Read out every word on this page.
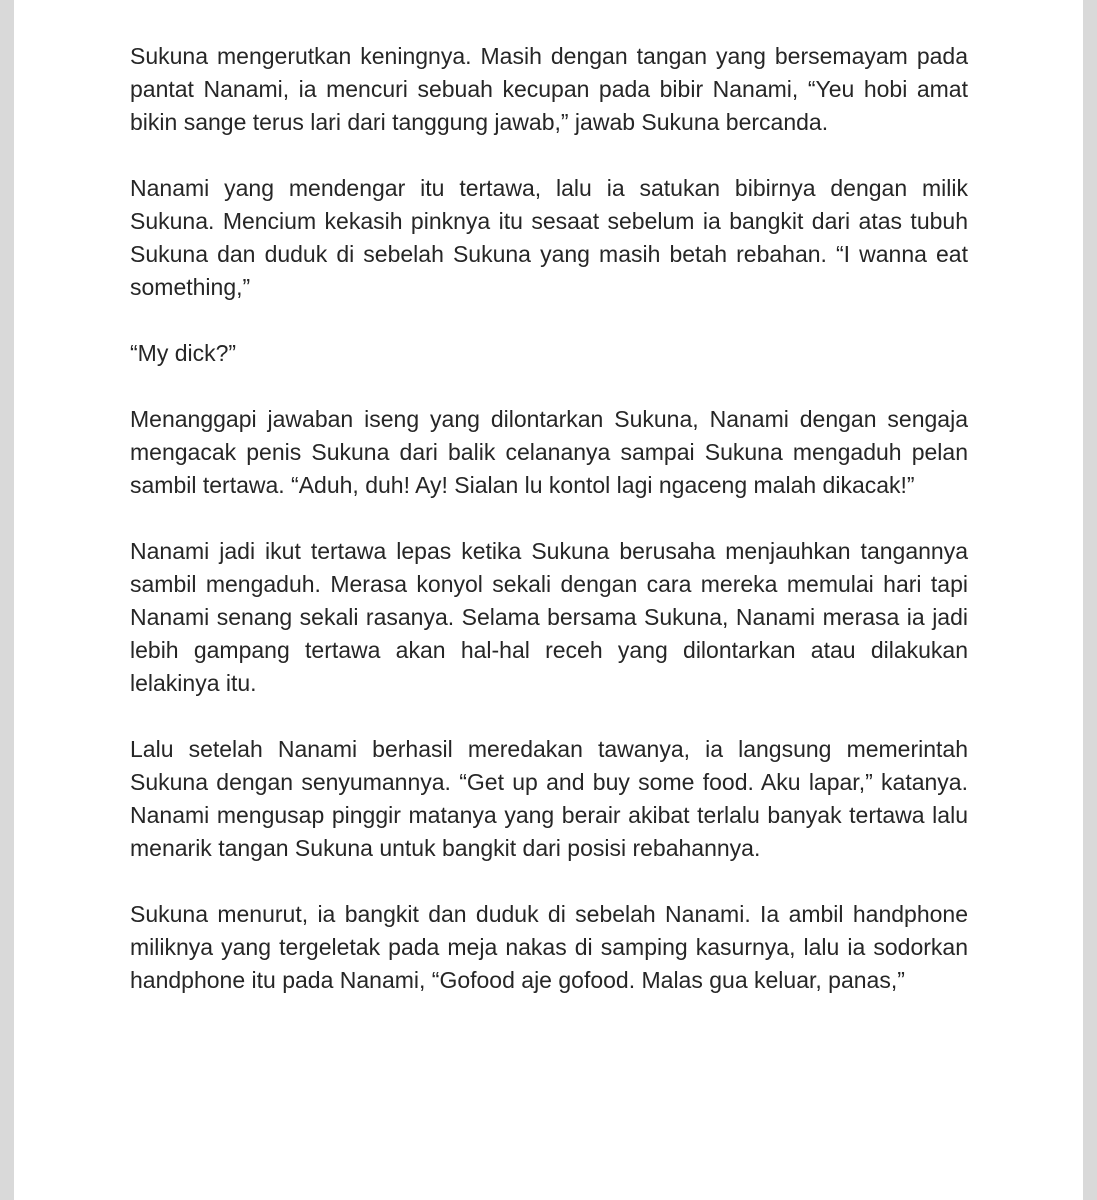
Sukuna mengerutkan keningnya. Masih dengan tangan yang bersemayam pada pantat Nanami, ia mencuri sebuah kecupan pada bibir Nanami, “Yeu hobi amat bikin sange terus lari dari tanggung jawab,” jawab Sukuna bercanda.

Nanami yang mendengar itu tertawa, lalu ia satukan bibirnya dengan milik Sukuna. Mencium kekasih pinknya itu sesaat sebelum ia bangkit dari atas tubuh Sukuna dan duduk di sebelah Sukuna yang masih betah rebahan. “I wanna eat something,”

“My dick?”

Menanggapi jawaban iseng yang dilontarkan Sukuna, Nanami dengan sengaja mengacak penis Sukuna dari balik celananya sampai Sukuna mengaduh pelan sambil tertawa. “Aduh, duh! Ay! Sialan lu kontol lagi ngaceng malah dikacak!”

Nanami jadi ikut tertawa lepas ketika Sukuna berusaha menjauhkan tangannya sambil mengaduh. Merasa konyol sekali dengan cara mereka memulai hari tapi Nanami senang sekali rasanya. Selama bersama Sukuna, Nanami merasa ia jadi lebih gampang tertawa akan hal-hal receh yang dilontarkan atau dilakukan lelakinya itu.

Lalu setelah Nanami berhasil meredakan tawanya, ia langsung memerintah Sukuna dengan senyumannya. “Get up and buy some food. Aku lapar,” katanya. Nanami mengusap pinggir matanya yang berair akibat terlalu banyak tertawa lalu menarik tangan Sukuna untuk bangkit dari posisi rebahannya.

Sukuna menurut, ia bangkit dan duduk di sebelah Nanami. Ia ambil handphone miliknya yang tergeletak pada meja nakas di samping kasurnya, lalu ia sodorkan handphone itu pada Nanami, “Gofood aje gofood. Malas gua keluar, panas,”
